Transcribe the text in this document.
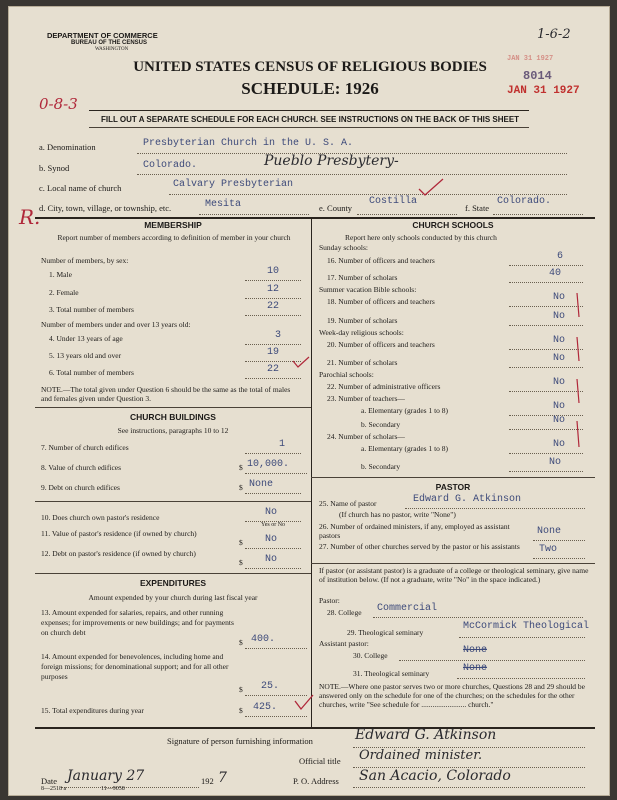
DEPARTMENT OF COMMERCE
BUREAU OF THE CENSUS
WASHINGTON
UNITED STATES CENSUS OF RELIGIOUS BODIES
SCHEDULE: 1926
FILL OUT A SEPARATE SCHEDULE FOR EACH CHURCH. SEE INSTRUCTIONS ON THE BACK OF THIS SHEET
1-6-2
JAN 31 1927
8014
JAN 31 1927
0-8-3
R.
a. Denomination	Presbyterian Church in the U. S. A.
b. Synod	Colorado.	Pueblo Presbytery-
c. Local name of church	Calvary Presbyterian
d. City, town, village, or township, etc.	Mesita	e. County
Costilla
f. State
Colorado.
MEMBERSHIP
Report number of members according to definition of member in your church
Number of members, by sex:
Number of members under and over 13 years old:
1. Male	10
2. Female	12
3. Total number of members	22
4. Under 13 years of age	3
5. 13 years old and over	19
6. Total number of members	22
NOTE.—The total given under Question 6 should be the same as the total of males and females given under Question 3.
CHURCH BUILDINGS
See instructions, paragraphs 10 to 12
7. Number of church edifices	1
8. Value of church edifices	$ 10,000.
9. Debt on church edifices	$ None
10. Does church own pastor's residence	No
Yes or No
11. Value of pastor's residence (if owned by church)
$ No
12. Debt on pastor's residence (if owned by church)
$ No
EXPENDITURES
Amount expended by your church during last fiscal year
13. Amount expended for salaries, repairs, and other running expenses; for improvements or new buildings; and for payments on church debt
$ 400.
14. Amount expended for benevolences, including home and foreign missions; for denominational support; and for all other purposes
$ 25.
15. Total expenditures during year	$ 425.
CHURCH SCHOOLS
Report here only schools conducted by this church
Sunday schools:
16. Number of officers and teachers	6
17. Number of scholars	40
Summer vacation Bible schools:
18. Number of officers and teachers	No
19. Number of scholars	No
Week-day religious schools:
20. Number of officers and teachers	No
21. Number of scholars	No
Parochial schools:
22. Number of administrative officers	No
23. Number of teachers—
a. Elementary (grades 1 to 8)	No
b. Secondary	No
24. Number of scholars—
a. Elementary (grades 1 to 8)	No
b. Secondary	No
PASTOR
25. Name of pastor	Edward G. Atkinson
(If church has no pastor, write "None")
26. Number of ordained ministers, if any, employed as assistant pastors	None
27. Number of other churches served by the pastor or his assistants	Two
If pastor (or assistant pastor) is a graduate of a college or theological seminary, give name of institution below. (If not a graduate, write "No" in the space indicated.)
Pastor:
28. College Commercial
29. Theological seminary
McCormick Theological
Assistant pastor:
30. College	None
31. Theological seminary	None
NOTE.—Where one pastor serves two or more churches, Questions 28 and 29 should be answered only on the schedule for one of the churches; on the schedules for the other churches, write "See schedule for ........................ church."
Signature of person furnishing information	Edward G. Atkinson
Official title Ordained minister.
Date January 27	192 7
8—2518 a	11—9058
P. O. Address San Acacio, Colorado
